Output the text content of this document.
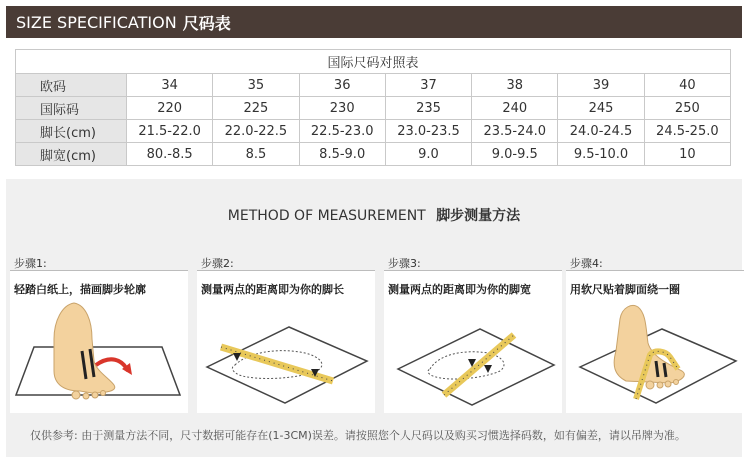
SIZE SPECIFICATION 尺码表
国际尺码对照表							
欧码	34	35	36	37	38	39	40
国际码	220	225	230	235	240	245	250
脚长(cm)	21.5-22.0	22.0-22.5	22.5-23.0	23.0-23.5	23.5-24.0	24.0-24.5	24.5-25.0
脚宽(cm)	80.-8.5	8.5	8.5-9.0	9.0	9.0-9.5	9.5-10.0	10
METHOD OF MEASUREMENT 脚步测量方法
步骤1:
轻踏白纸上，描画脚步轮廓
步骤2:
测量两点的距离即为你的脚长
步骤3:
测量两点的距离即为你的脚宽
步骤4:
用软尺贴着脚面绕一圈
仅供参考: 由于测量方法不同，尺寸数据可能存在(1-3CM)误差。请按照您个人尺码以及购买习惯选择码数，如有偏差，请以吊牌为准。
